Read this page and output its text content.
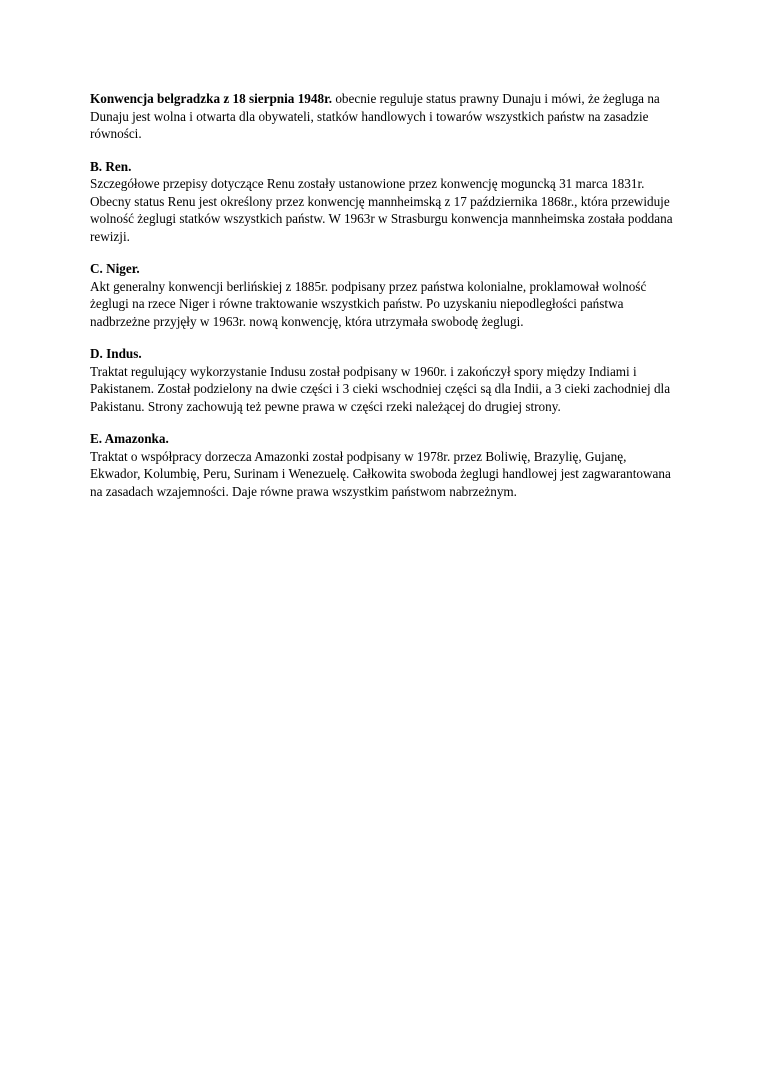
Konwencja belgradzka z 18 sierpnia 1948r. obecnie reguluje status prawny Dunaju i mówi, że żegluga na Dunaju jest wolna i otwarta dla obywateli, statków handlowych i towarów wszystkich państw na zasadzie równości.

B. Ren.
Szczegółowe przepisy dotyczące Renu zostały ustanowione przez konwencję moguncką 31 marca 1831r. Obecny status Renu jest określony przez konwencję mannheimską z 17 października 1868r., która przewiduje wolność żeglugi statków wszystkich państw. W 1963r w Strasburgu konwencja mannheimska została poddana rewizji.
C. Niger.
Akt generalny konwencji berlińskiej z 1885r. podpisany przez państwa kolonialne, proklamował wolność żeglugi na rzece Niger i równe traktowanie wszystkich państw. Po uzyskaniu niepodległości państwa nadbrzeżne przyjęły w 1963r. nową konwencję, która utrzymała swobodę żeglugi.
D. Indus.
Traktat regulujący wykorzystanie Indusu został podpisany w 1960r. i zakończył spory między Indiami i Pakistanem. Został podzielony na dwie części i 3 cieki wschodniej części są dla Indii, a 3 cieki zachodniej dla Pakistanu. Strony zachowują też pewne prawa w części rzeki należącej do drugiej strony.
E. Amazonka.
Traktat o współpracy dorzecza Amazonki został podpisany w 1978r. przez Boliwię, Brazylię, Gujanę, Ekwador, Kolumbię, Peru, Surinam i Wenezuelę. Całkowita swoboda żeglugi handlowej jest zagwarantowana na zasadach wzajemności. Daje równe prawa wszystkim państwom nabrzeżnym.
